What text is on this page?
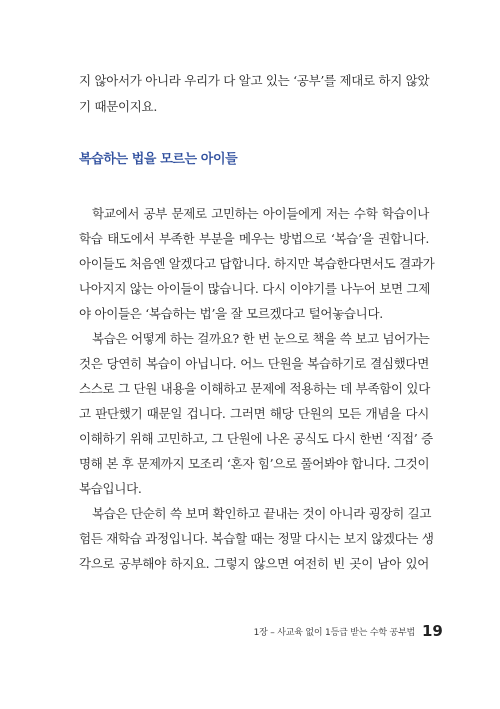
지 않아서가 아니라 우리가 다 알고 있는 ‘공부’를 제대로 하지 않았
기 때문이지요.
복습하는 법을 모르는 아이들
학교에서 공부 문제로 고민하는 아이들에게 저는 수학 학습이나
학습 태도에서 부족한 부분을 메우는 방법으로 ‘복습’을 권합니다.
아이들도 처음엔 알겠다고 답합니다. 하지만 복습한다면서도 결과가
나아지지 않는 아이들이 많습니다. 다시 이야기를 나누어 보면 그제
야 아이들은 ‘복습하는 법’을 잘 모르겠다고 털어놓습니다.
복습은 어떻게 하는 걸까요? 한 번 눈으로 책을 쓱 보고 넘어가는
것은 당연히 복습이 아닙니다. 어느 단원을 복습하기로 결심했다면
스스로 그 단원 내용을 이해하고 문제에 적용하는 데 부족함이 있다
고 판단했기 때문일 겁니다. 그러면 해당 단원의 모든 개념을 다시
이해하기 위해 고민하고, 그 단원에 나온 공식도 다시 한번 ‘직접’ 증
명해 본 후 문제까지 모조리 ‘혼자 힘’으로 풀어봐야 합니다. 그것이
복습입니다.
복습은 단순히 쓱 보며 확인하고 끝내는 것이 아니라 굉장히 길고
험든 재학습 과정입니다. 복습할 때는 정말 다시는 보지 않겠다는 생
각으로 공부해야 하지요. 그렇지 않으면 여전히 빈 곳이 남아 있어
1장 – 사교육 없이 1등급 받는 수학 공부법 19
